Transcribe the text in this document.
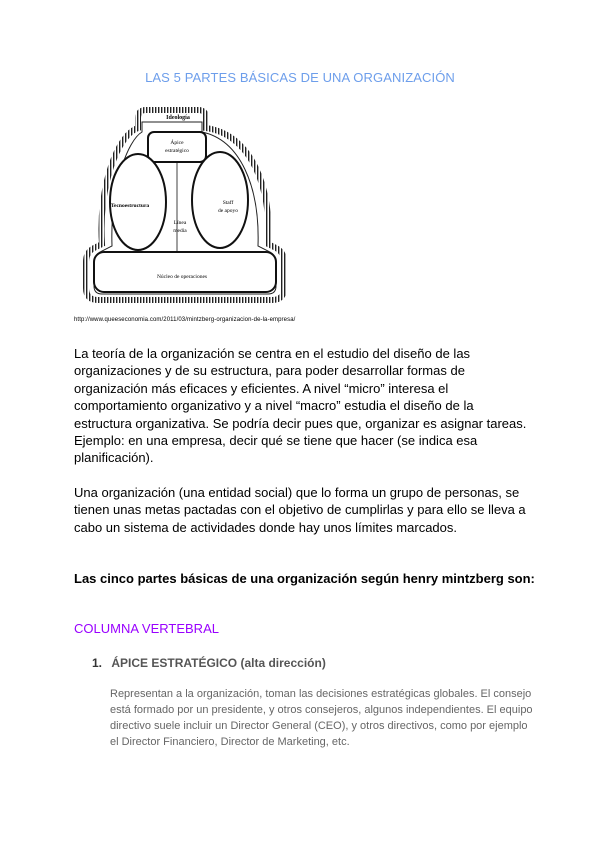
LAS 5 PARTES BÁSICAS DE UNA ORGANIZACIÓN
Ideología
Ápice
estratégico
Tecnoestructura	Staff
de apoyo
Línea
media
Núcleo de operaciones
http://www.queeseconomia.com/2011/03/mintzberg-organizacion-de-la-empresa/

La teoría de la organización se centra en el estudio del diseño de las organizaciones y de su estructura, para poder desarrollar formas de organización más eficaces y eficientes. A nivel “micro” interesa el comportamiento organizativo y a nivel “macro” estudia el diseño de la estructura organizativa. Se podría decir pues que, organizar es asignar tareas. Ejemplo: en una empresa, decir qué se tiene que hacer (se indica esa planificación).

Una organización (una entidad social) que lo forma un grupo de personas, se tienen unas metas pactadas con el objetivo de cumplirlas y para ello se lleva a cabo un sistema de actividades donde hay unos límites marcados.

Las cinco partes básicas de una organización según henry mintzberg son:

COLUMNA VERTEBRAL
1. ÁPICE ESTRATÉGICO (alta dirección)

Representan a la organización, toman las decisiones estratégicas globales. El consejo está formado por un presidente, y otros consejeros, algunos independientes. El equipo directivo suele incluir un Director General (CEO), y otros directivos, como por ejemplo el Director Financiero, Director de Marketing, etc.
